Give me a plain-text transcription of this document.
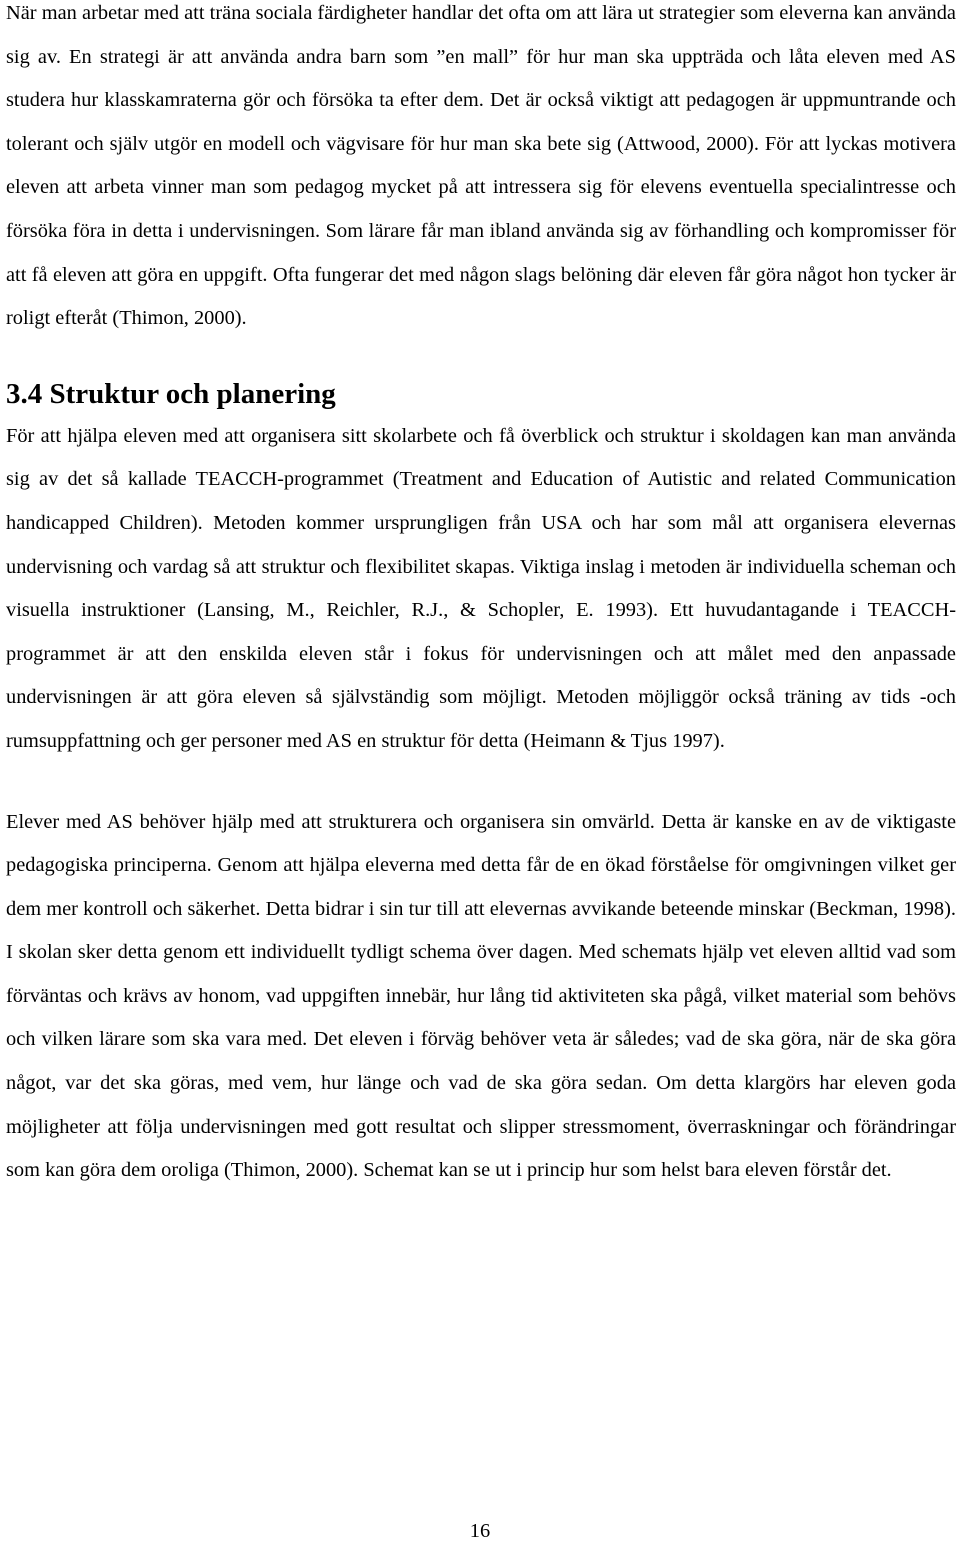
När man arbetar med att träna sociala färdigheter handlar det ofta om att lära ut strategier som eleverna kan använda sig av. En strategi är att använda andra barn som ”en mall” för hur man ska uppträda och låta eleven med AS studera hur klasskamraterna gör och försöka ta efter dem. Det är också viktigt att pedagogen är uppmuntrande och tolerant och själv utgör en modell och vägvisare för hur man ska bete sig (Attwood, 2000). För att lyckas motivera eleven att arbeta vinner man som pedagog mycket på att intressera sig för elevens eventuella specialintresse och försöka föra in detta i undervisningen. Som lärare får man ibland använda sig av förhandling och kompromisser för att få eleven att göra en uppgift. Ofta fungerar det med någon slags belöning där eleven får göra något hon tycker är roligt efteråt (Thimon, 2000).

3.4 Struktur och planering

För att hjälpa eleven med att organisera sitt skolarbete och få överblick och struktur i skoldagen kan man använda sig av det så kallade TEACCH-programmet (Treatment and Education of Autistic and related Communication handicapped Children). Metoden kommer ursprungligen från USA och har som mål att organisera elevernas undervisning och vardag så att struktur och flexibilitet skapas. Viktiga inslag i metoden är individuella scheman och visuella instruktioner (Lansing, M., Reichler, R.J., & Schopler, E. 1993). Ett huvudantagande i TEACCH-programmet är att den enskilda eleven står i fokus för undervisningen och att målet med den anpassade undervisningen är att göra eleven så självständig som möjligt. Metoden möjliggör också träning av tids -och rumsuppfattning och ger personer med AS en struktur för detta (Heimann & Tjus 1997).

Elever med AS behöver hjälp med att strukturera och organisera sin omvärld. Detta är kanske en av de viktigaste pedagogiska principerna. Genom att hjälpa eleverna med detta får de en ökad förståelse för omgivningen vilket ger dem mer kontroll och säkerhet. Detta bidrar i sin tur till att elevernas avvikande beteende minskar (Beckman, 1998). I skolan sker detta genom ett individuellt tydligt schema över dagen. Med schemats hjälp vet eleven alltid vad som förväntas och krävs av honom, vad uppgiften innebär, hur lång tid aktiviteten ska pågå, vilket material som behövs och vilken lärare som ska vara med. Det eleven i förväg behöver veta är således; vad de ska göra, när de ska göra något, var det ska göras, med vem, hur länge och vad de ska göra sedan. Om detta klargörs har eleven goda möjligheter att följa undervisningen med gott resultat och slipper stressmoment, överraskningar och förändringar som kan göra dem oroliga (Thimon, 2000). Schemat kan se ut i princip hur som helst bara eleven förstår det.

16
